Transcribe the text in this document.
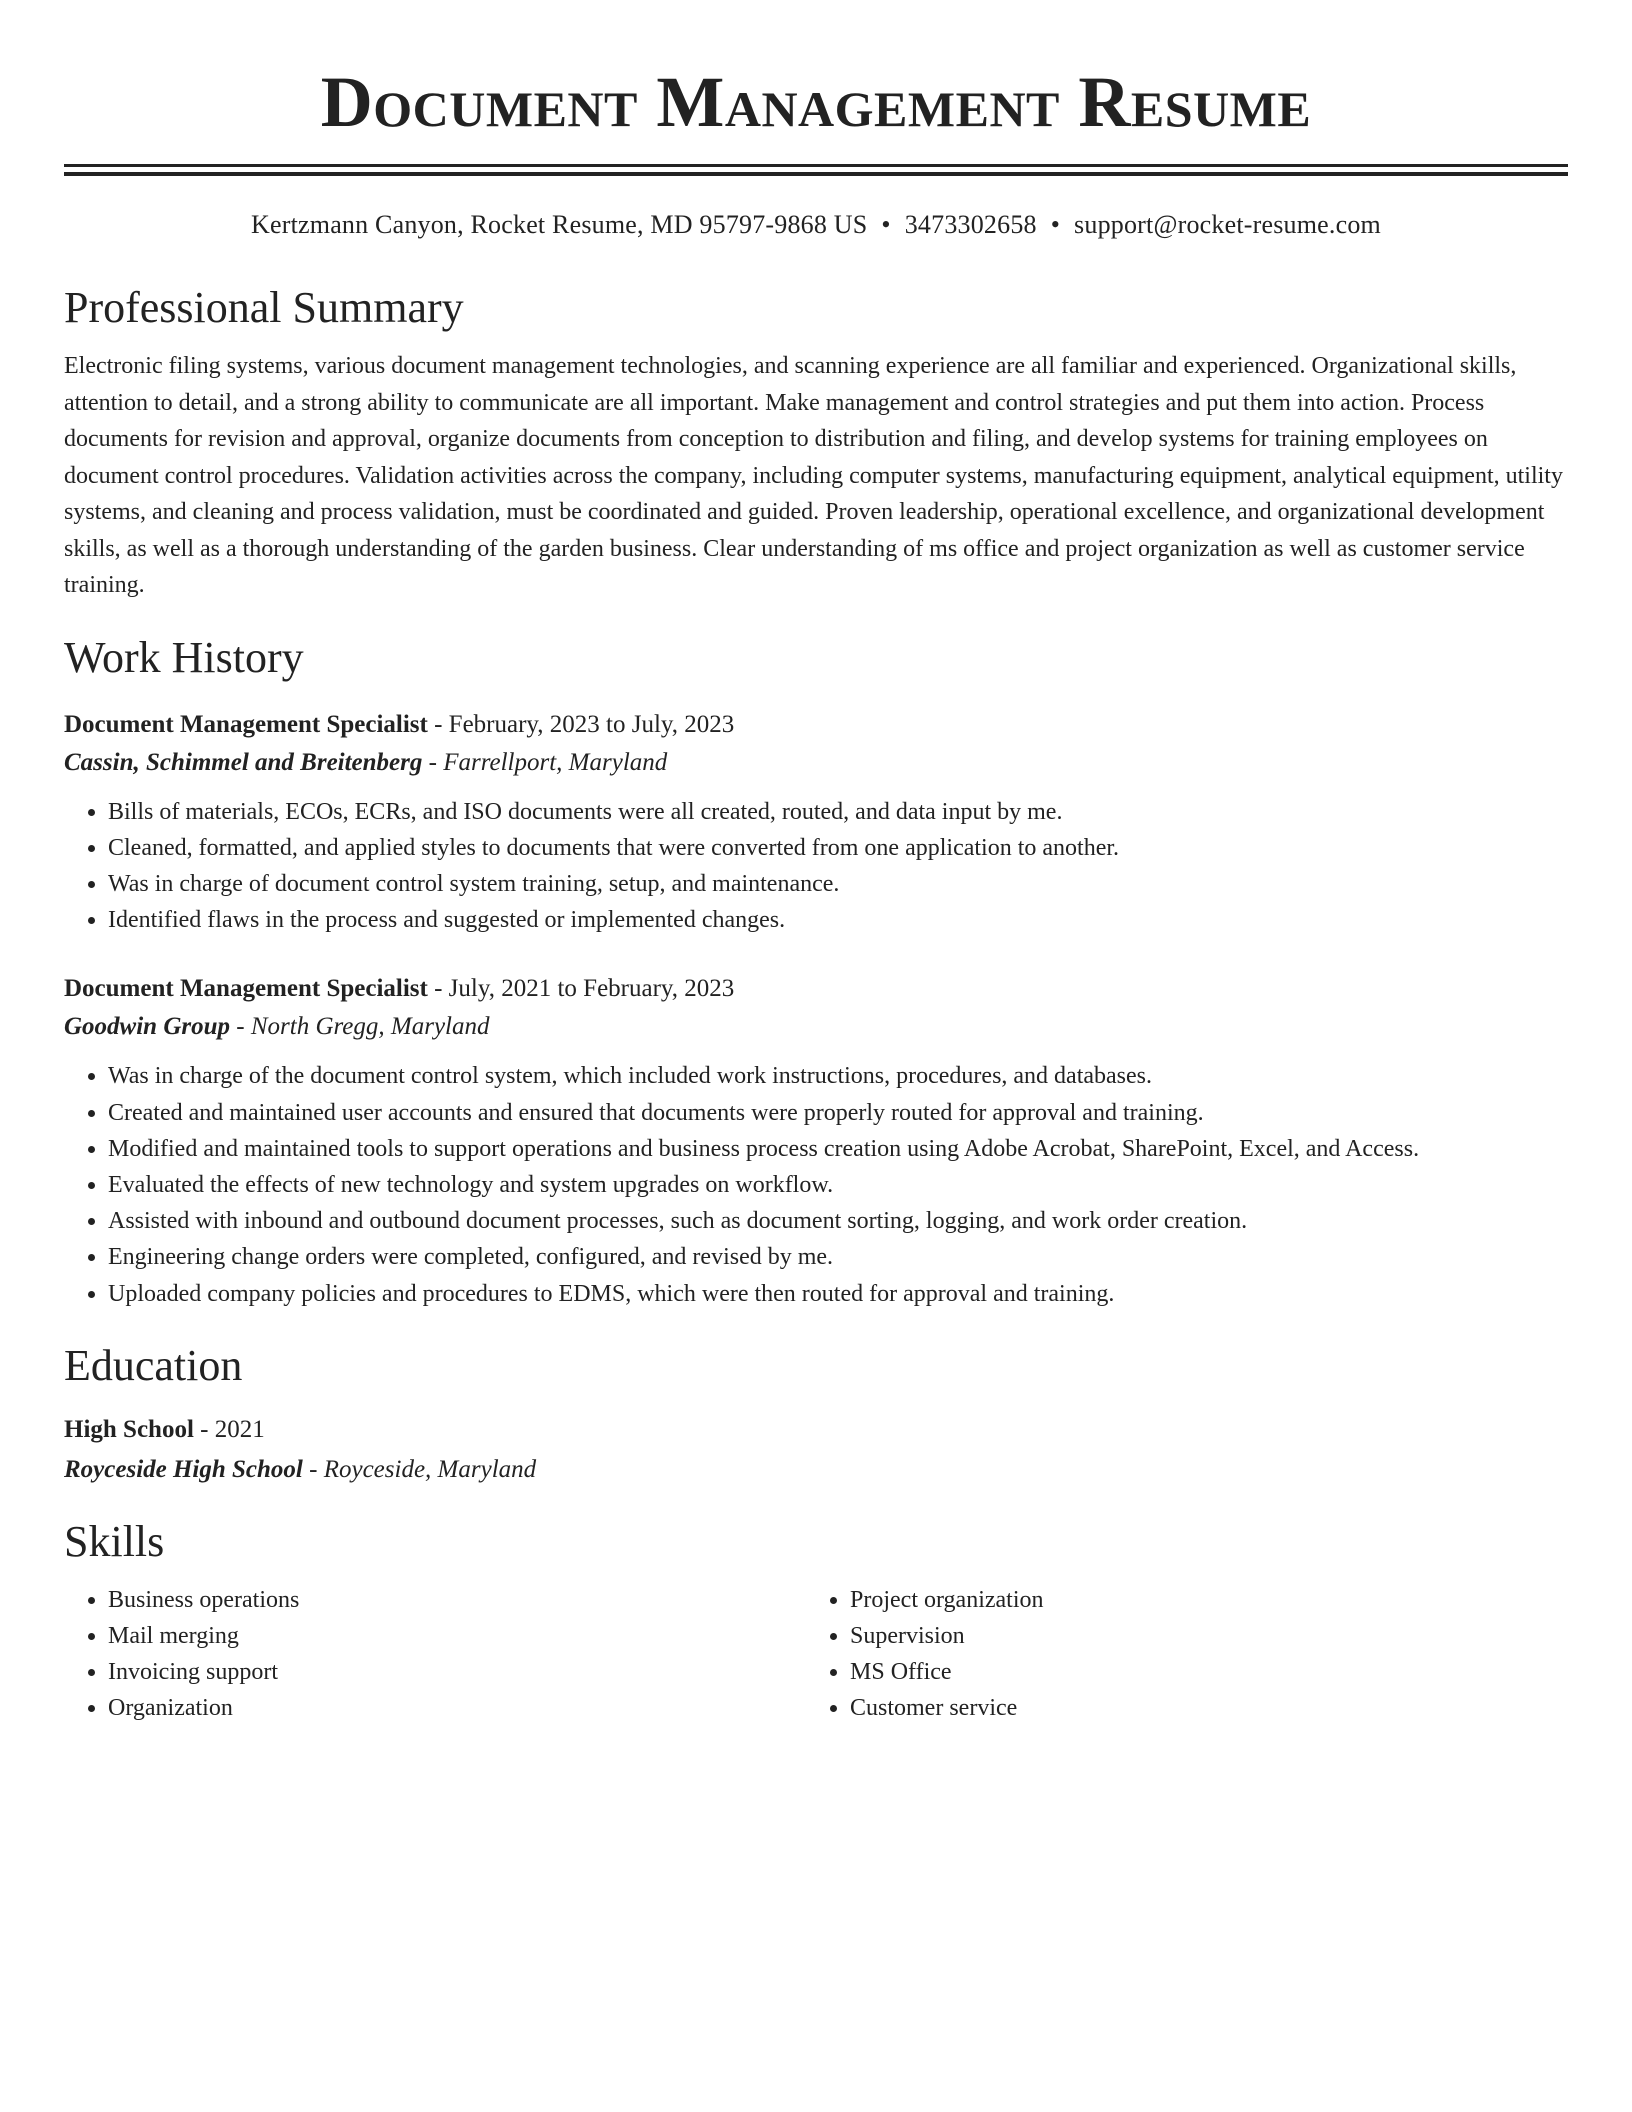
Document Management Resume
Kertzmann Canyon, Rocket Resume, MD 95797-9868 US • 3473302658 • support@rocket-resume.com
Professional Summary

Electronic filing systems, various document management technologies, and scanning experience are all familiar and experienced. Organizational skills, attention to detail, and a strong ability to communicate are all important. Make management and control strategies and put them into action. Process documents for revision and approval, organize documents from conception to distribution and filing, and develop systems for training employees on document control procedures. Validation activities across the company, including computer systems, manufacturing equipment, analytical equipment, utility systems, and cleaning and process validation, must be coordinated and guided. Proven leadership, operational excellence, and organizational development skills, as well as a thorough understanding of the garden business. Clear understanding of ms office and project organization as well as customer service training.

Work History
Document Management Specialist - February, 2023 to July, 2023
Cassin, Schimmel and Breitenberg - Farrellport, Maryland
• Bills of materials, ECOs, ECRs, and ISO documents were all created, routed, and data input by me.
• Cleaned, formatted, and applied styles to documents that were converted from one application to another.
• Was in charge of document control system training, setup, and maintenance.
• Identified flaws in the process and suggested or implemented changes.
Document Management Specialist - July, 2021 to February, 2023
Goodwin Group - North Gregg, Maryland
• Was in charge of the document control system, which included work instructions, procedures, and databases.
• Created and maintained user accounts and ensured that documents were properly routed for approval and training.
• Modified and maintained tools to support operations and business process creation using Adobe Acrobat, SharePoint, Excel, and Access.
• Evaluated the effects of new technology and system upgrades on workflow.
• Assisted with inbound and outbound document processes, such as document sorting, logging, and work order creation.
• Engineering change orders were completed, configured, and revised by me.
• Uploaded company policies and procedures to EDMS, which were then routed for approval and training.
Education
High School - 2021
Royceside High School - Royceside, Maryland
Skills
• Business operations
• Mail merging
• Invoicing support
• Organization
• Project organization
• Supervision
• MS Office
• Customer service
